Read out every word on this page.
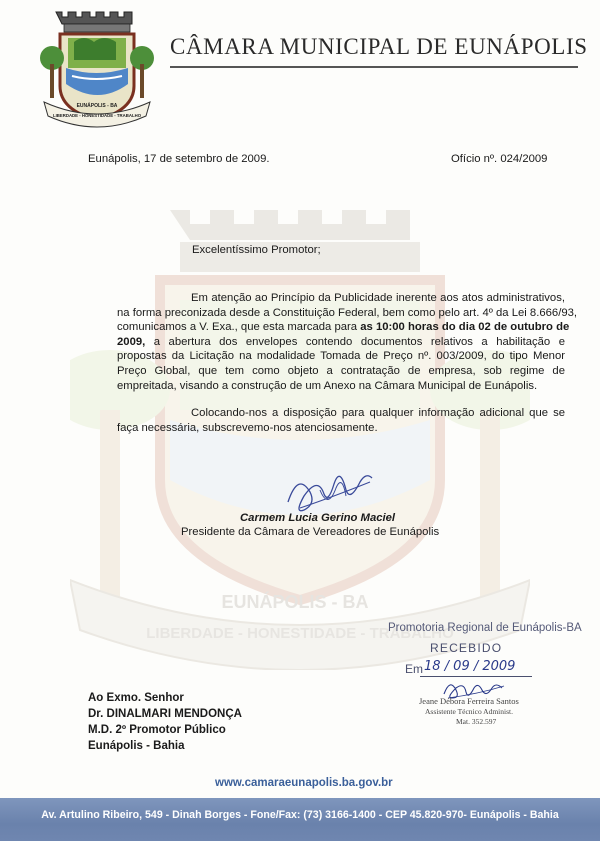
EUNÁPOLIS - BA
LIBERDADE - HONESTIDADE - TRABALHO
CÂMARA MUNICIPAL DE EUNÁPOLIS
EUNÁPOLIS - BA
LIBERDADE - HONESTIDADE - TRABALHO
Eunápolis, 17 de setembro de 2009.	Ofício nº. 024/2009
Excelentíssimo Promotor;
Em atenção ao Princípio da Publicidade inerente aos atos administrativos,
na forma preconizada desde a Constituição Federal, bem como pelo art. 4º da Lei 8.666/93,
comunicamos a V. Exa., que esta marcada para as 10:00 horas do dia 02 de outubro de
2009, a abertura dos envelopes contendo documentos relativos a habilitação e
propostas da Licitação na modalidade Tomada de Preço nº. 003/2009, do tipo Menor
Preço Global, que tem como objeto a contratação de empresa, sob regime de
empreitada, visando a construção de um Anexo na Câmara Municipal de Eunápolis.
Colocando-nos a disposição para qualquer informação adicional que se
faça necessária, subscrevemo-nos atenciosamente.
Carmem Lucia Gerino Maciel
Presidente da Câmara de Vereadores de Eunápolis
Promotoria Regional de Eunápolis-BA
RECEBIDO
Em 18 / 09 / 2009
Jeane Débora Ferreira Santos
Assistente Técnico Administ.
Mat. 352.597
Ao Exmo. Senhor
Dr. DINALMARI MENDONÇA
M.D. 2º Promotor Público
Eunápolis - Bahia
www.camaraeunapolis.ba.gov.br
Av. Artulino Ribeiro, 549 - Dinah Borges - Fone/Fax: (73) 3166-1400 - CEP 45.820-970- Eunápolis - Bahia
